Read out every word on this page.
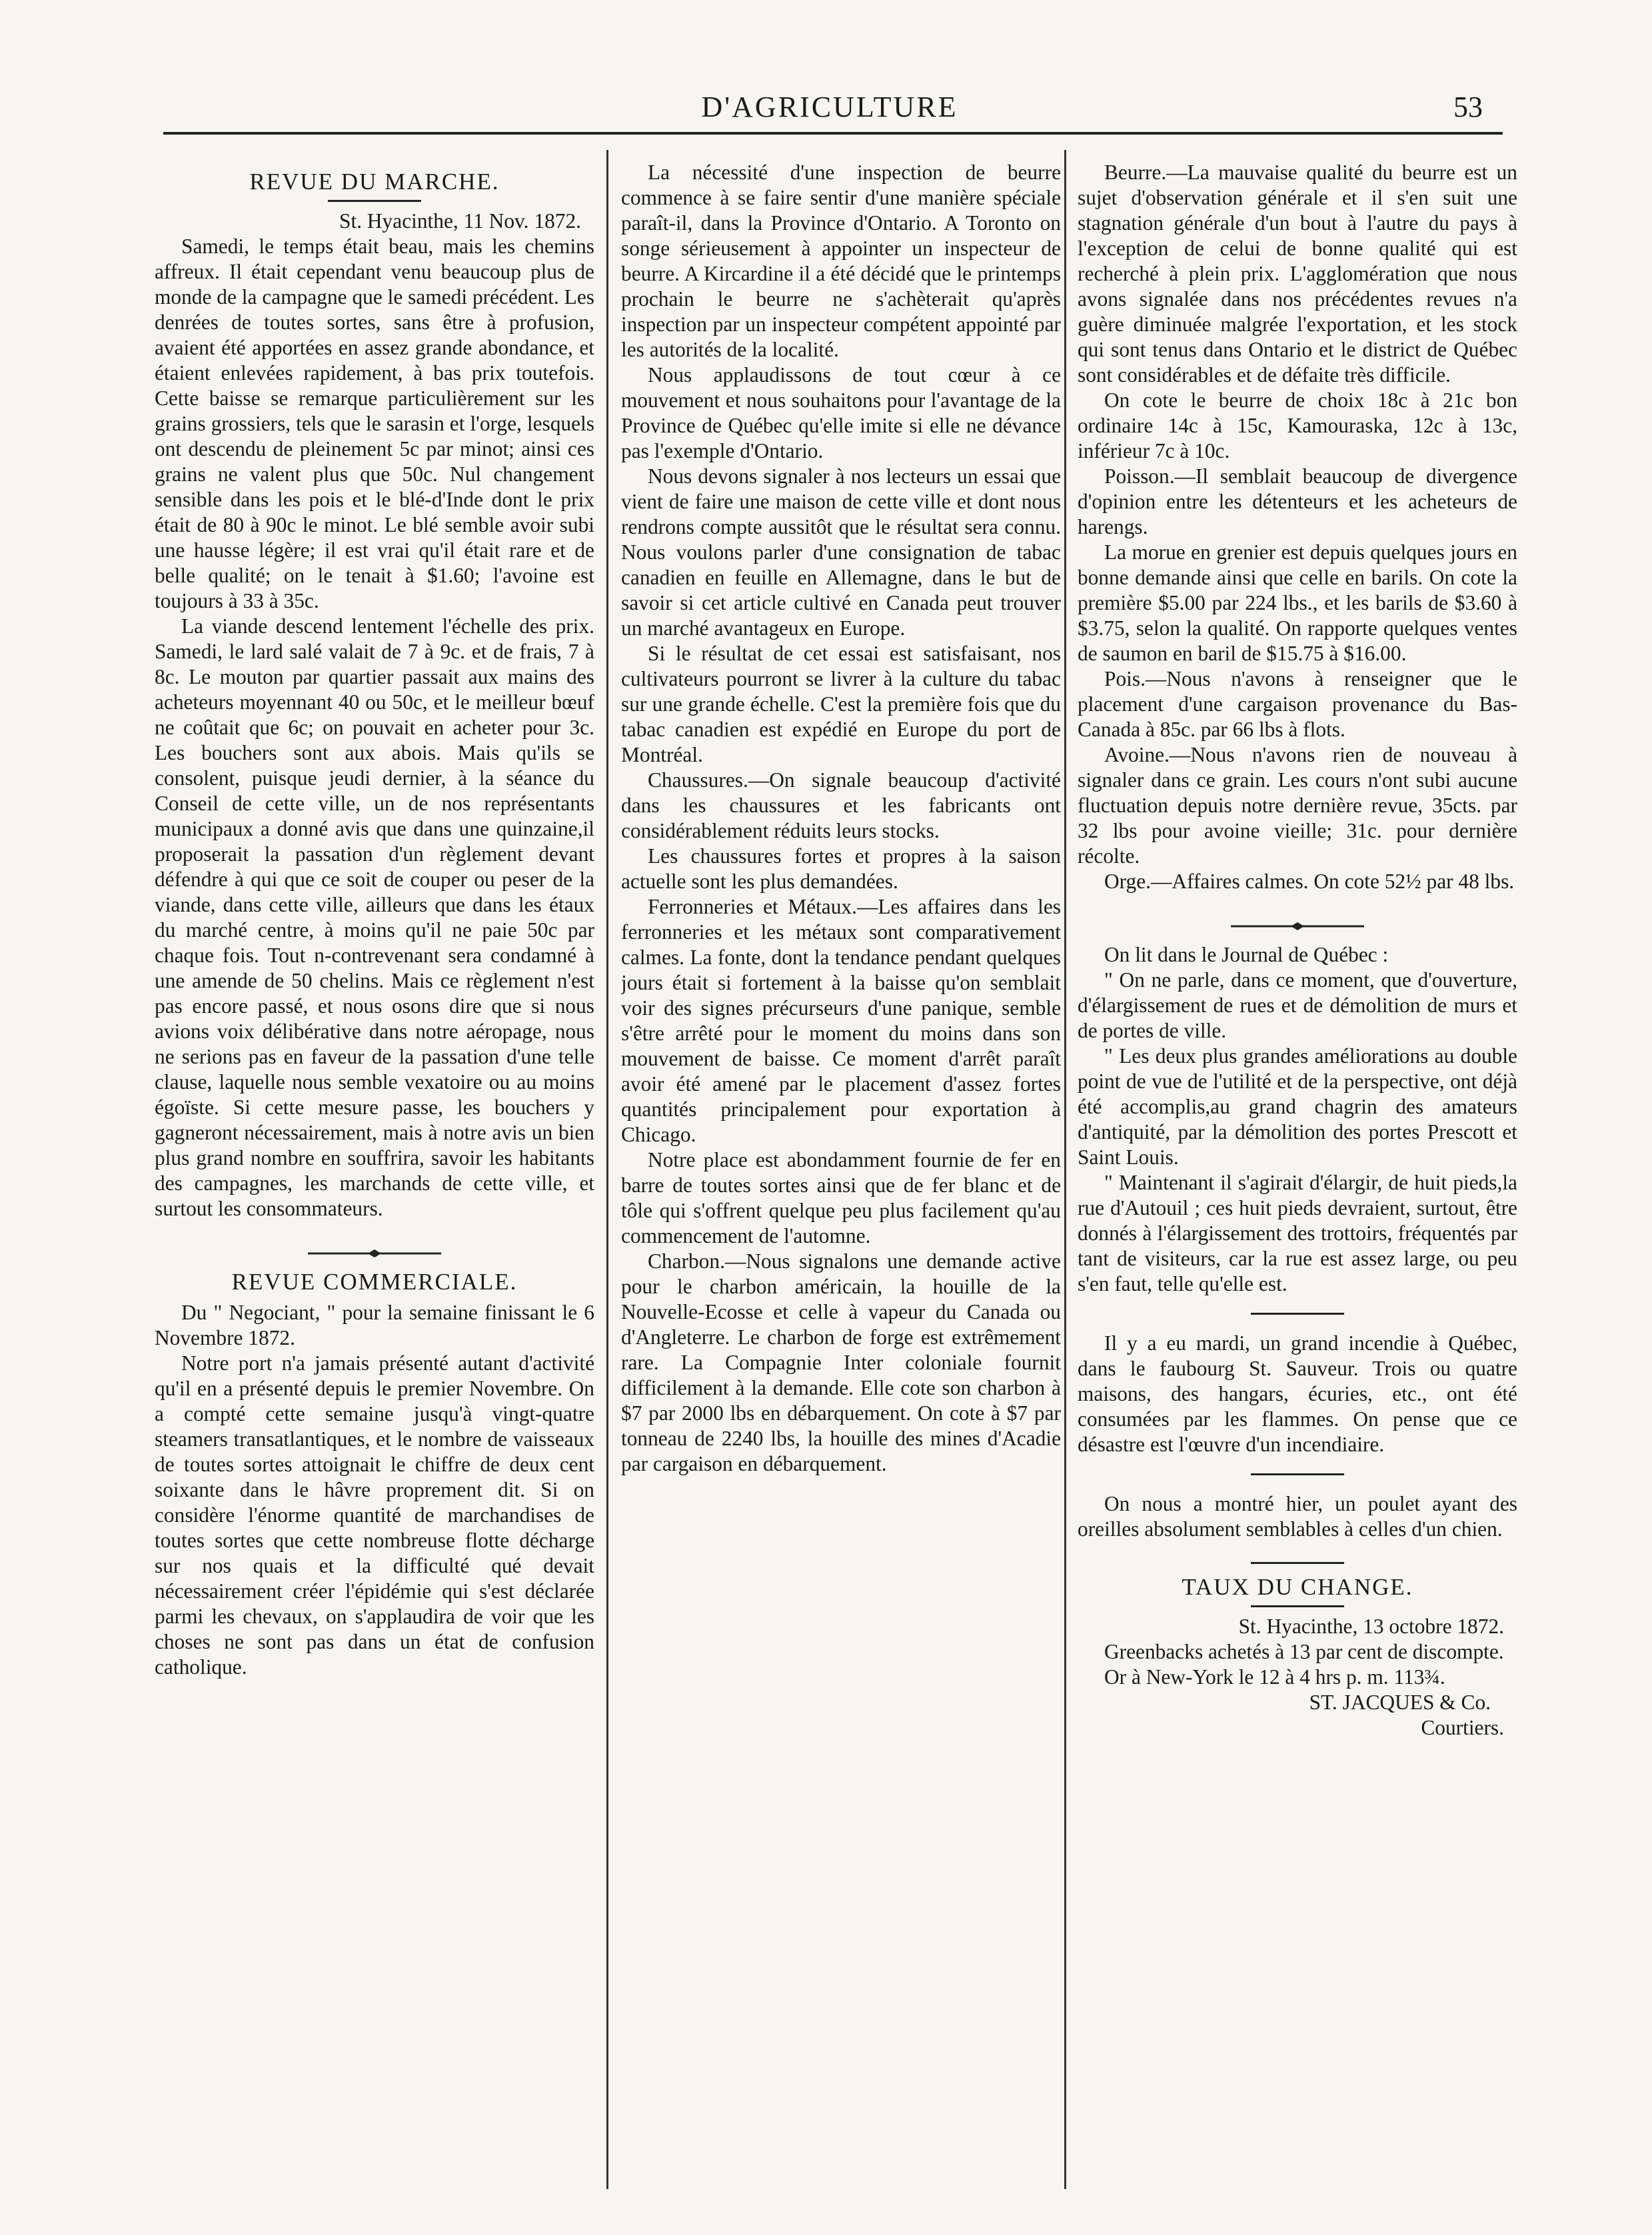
D'AGRICULTURE	53

REVUE DU MARCHE.

St. Hyacinthe, 11 Nov. 1872.

Samedi, le temps était beau, mais les chemins affreux. Il était cependant venu beaucoup plus de monde de la campagne que le samedi précédent. Les denrées de toutes sortes, sans être à profusion, avaient été apportées en assez grande abondance, et étaient enlevées rapidement, à bas prix toutefois. Cette baisse se remarque particulièrement sur les grains grossiers, tels que le sarasin et l'orge, lesquels ont descendu de pleinement 5c par minot; ainsi ces grains ne valent plus que 50c. Nul changement sensible dans les pois et le blé-d'Inde dont le prix était de 80 à 90c le minot. Le blé semble avoir subi une hausse légère; il est vrai qu'il était rare et de belle qualité; on le tenait à $1.60; l'avoine est toujours à 33 à 35c.

La viande descend lentement l'échelle des prix. Samedi, le lard salé valait de 7 à 9c. et de frais, 7 à 8c. Le mouton par quartier passait aux mains des acheteurs moyennant 40 ou 50c, et le meilleur bœuf ne coûtait que 6c; on pouvait en acheter pour 3c. Les bouchers sont aux abois. Mais qu'ils se consolent, puisque jeudi dernier, à la séance du Conseil de cette ville, un de nos représentants municipaux a donné avis que dans une quinzaine,il proposerait la passation d'un règlement devant défendre à qui que ce soit de couper ou peser de la viande, dans cette ville, ailleurs que dans les étaux du marché centre, à moins qu'il ne paie 50c par chaque fois. Tout n-contrevenant sera condamné à une amende de 50 chelins. Mais ce règlement n'est pas encore passé, et nous osons dire que si nous avions voix délibérative dans notre aéropage, nous ne serions pas en faveur de la passation d'une telle clause, laquelle nous semble vexatoire ou au moins égoïste. Si cette mesure passe, les bouchers y gagneront nécessairement, mais à notre avis un bien plus grand nombre en souffrira, savoir les habitants des campagnes, les marchands de cette ville, et surtout les consommateurs.

REVUE COMMERCIALE.

Du " Negociant, " pour la semaine finissant le 6 Novembre 1872.

Notre port n'a jamais présenté autant d'activité qu'il en a présenté depuis le premier Novembre. On a compté cette semaine jusqu'à vingt-quatre steamers transatlantiques, et le nombre de vaisseaux de toutes sortes attoignait le chiffre de deux cent soixante dans le hâvre proprement dit. Si on considère l'énorme quantité de marchandises de toutes sortes que cette nombreuse flotte décharge sur nos quais et la difficulté qué devait nécessairement créer l'épidémie qui s'est déclarée parmi les chevaux, on s'applaudira de voir que les choses ne sont pas dans un état de confusion catholique.

La nécessité d'une inspection de beurre commence à se faire sentir d'une manière spéciale paraît-il, dans la Province d'Ontario. A Toronto on songe sérieusement à appointer un inspecteur de beurre. A Kircardine il a été décidé que le printemps prochain le beurre ne s'achèterait qu'après inspection par un inspecteur compétent appointé par les autorités de la localité.

Nous applaudissons de tout cœur à ce mouvement et nous souhaitons pour l'avantage de la Province de Québec qu'elle imite si elle ne dévance pas l'exemple d'Ontario.

Nous devons signaler à nos lecteurs un essai que vient de faire une maison de cette ville et dont nous rendrons compte aussitôt que le résultat sera connu. Nous voulons parler d'une consignation de tabac canadien en feuille en Allemagne, dans le but de savoir si cet article cultivé en Canada peut trouver un marché avantageux en Europe.

Si le résultat de cet essai est satisfaisant, nos cultivateurs pourront se livrer à la culture du tabac sur une grande échelle. C'est la première fois que du tabac canadien est expédié en Europe du port de Montréal.

Chaussures.—On signale beaucoup d'activité dans les chaussures et les fabricants ont considérablement réduits leurs stocks.

Les chaussures fortes et propres à la saison actuelle sont les plus demandées.

Ferronneries et Métaux.—Les affaires dans les ferronneries et les métaux sont comparativement calmes. La fonte, dont la tendance pendant quelques jours était si fortement à la baisse qu'on semblait voir des signes précurseurs d'une panique, semble s'être arrêté pour le moment du moins dans son mouvement de baisse. Ce moment d'arrêt paraît avoir été amené par le placement d'assez fortes quantités principalement pour exportation à Chicago.

Notre place est abondamment fournie de fer en barre de toutes sortes ainsi que de fer blanc et de tôle qui s'offrent quelque peu plus facilement qu'au commencement de l'automne.

Charbon.—Nous signalons une demande active pour le charbon américain, la houille de la Nouvelle-Ecosse et celle à vapeur du Canada ou d'Angleterre. Le charbon de forge est extrêmement rare. La Compagnie Inter coloniale fournit difficilement à la demande. Elle cote son charbon à $7 par 2000 lbs en débarquement. On cote à $7 par tonneau de 2240 lbs, la houille des mines d'Acadie par cargaison en débarquement.

Beurre.—La mauvaise qualité du beurre est un sujet d'observation générale et il s'en suit une stagnation générale d'un bout à l'autre du pays à l'exception de celui de bonne qualité qui est recherché à plein prix. L'agglomération que nous avons signalée dans nos précédentes revues n'a guère diminuée malgrée l'exportation, et les stock qui sont tenus dans Ontario et le district de Québec sont considérables et de défaite très difficile.

On cote le beurre de choix 18c à 21c bon ordinaire 14c à 15c, Kamouraska, 12c à 13c, inférieur 7c à 10c.

Poisson.—Il semblait beaucoup de divergence d'opinion entre les détenteurs et les acheteurs de harengs.

La morue en grenier est depuis quelques jours en bonne demande ainsi que celle en barils. On cote la première $5.00 par 224 lbs., et les barils de $3.60 à $3.75, selon la qualité. On rapporte quelques ventes de saumon en baril de $15.75 à $16.00.

Pois.—Nous n'avons à renseigner que le placement d'une cargaison provenance du Bas-Canada à 85c. par 66 lbs à flots.

Avoine.—Nous n'avons rien de nouveau à signaler dans ce grain. Les cours n'ont subi aucune fluctuation depuis notre dernière revue, 35cts. par 32 lbs pour avoine vieille; 31c. pour dernière récolte.

Orge.—Affaires calmes. On cote 52½ par 48 lbs.

On lit dans le Journal de Québec :

" On ne parle, dans ce moment, que d'ouverture, d'élargissement de rues et de démolition de murs et de portes de ville.

" Les deux plus grandes améliorations au double point de vue de l'utilité et de la perspective, ont déjà été accomplis,au grand chagrin des amateurs d'antiquité, par la démolition des portes Prescott et Saint Louis.

" Maintenant il s'agirait d'élargir, de huit pieds,la rue d'Autouil ; ces huit pieds devraient, surtout, être donnés à l'élargissement des trottoirs, fréquentés par tant de visiteurs, car la rue est assez large, ou peu s'en faut, telle qu'elle est.

Il y a eu mardi, un grand incendie à Québec, dans le faubourg St. Sauveur. Trois ou quatre maisons, des hangars, écuries, etc., ont été consumées par les flammes. On pense que ce désastre est l'œuvre d'un incendiaire.

On nous a montré hier, un poulet ayant des oreilles absolument semblables à celles d'un chien.

TAUX DU CHANGE.

St. Hyacinthe, 13 octobre 1872.

Greenbacks achetés à 13 par cent de discompte.

Or à New-York le 12 à 4 hrs p. m. 113¾.

ST. JACQUES & Co.

Courtiers.
